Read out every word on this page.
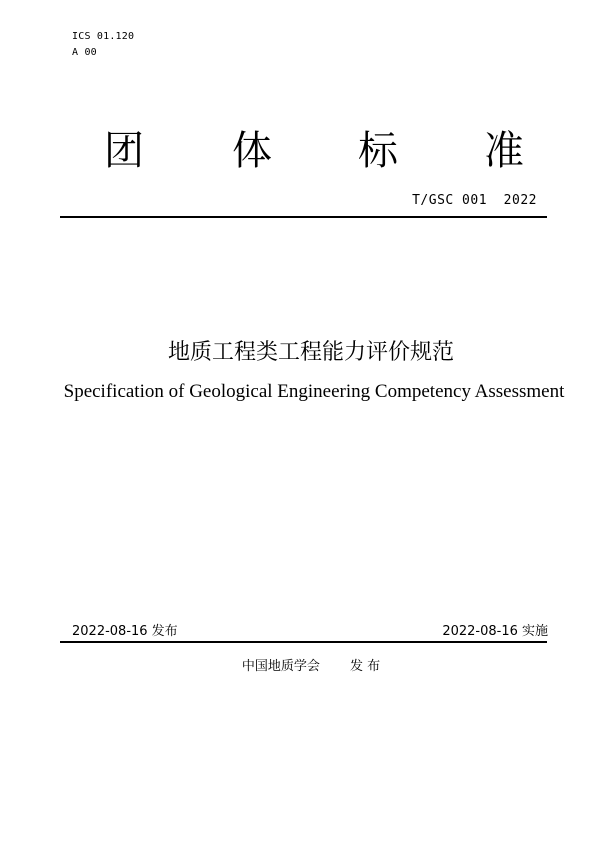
ICS 01.120
A 00
团 体 标 准
T/GSC 001  2022
地质工程类工程能力评价规范
Specification of Geological Engineering Competency Assessment
2022-08-16 发布	2022-08-16 实施
中国地质学会 发 布
